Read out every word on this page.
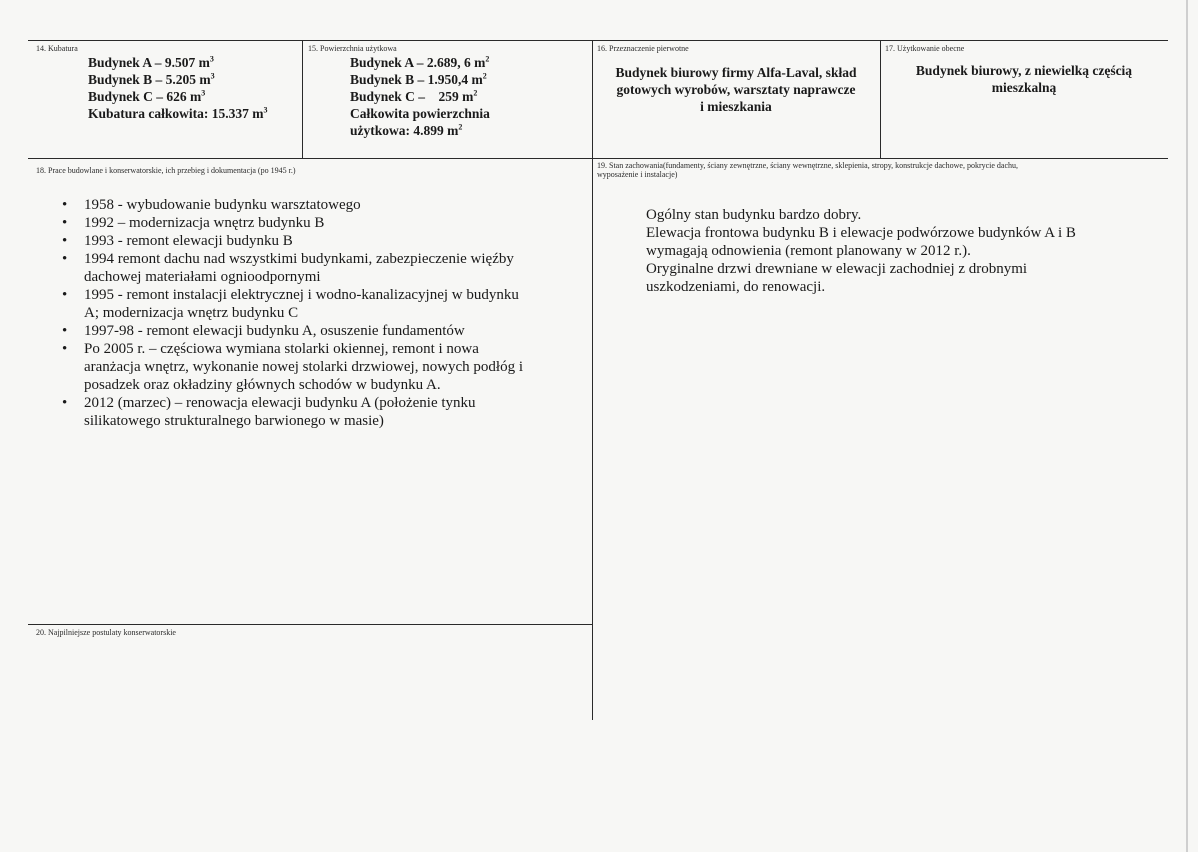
14. Kubatura
Budynek A – 9.507 $m^3$
Budynek B – 5.205 $m^3$
Budynek C – 626 $m^3$
Kubatura całkowita: 15.337 $m^3$
15. Powierzchnia użytkowa
Budynek A – 2.689, 6 $m^2$
Budynek B – 1.950,4 $m^2$
Budynek C –    259 $m^2$
Całkowita powierzchnia
użytkowa: 4.899 $m^2$
16. Przeznaczenie pierwotne
Budynek biurowy firmy Alfa-Laval, skład
gotowych wyrobów, warsztaty naprawcze
i mieszkania
17. Użytkowanie obecne
Budynek biurowy, z niewielką częścią
mieszkalną
18. Prace budowlane i konserwatorskie, ich przebieg i dokumentacja (po 1945 r.)
• 1958 - wybudowanie budynku warsztatowego
• 1992 – modernizacja wnętrz budynku B
• 1993 - remont elewacji budynku B
• 1994 remont dachu nad wszystkimi budynkami, zabezpieczenie więźby
dachowej materiałami ognioodpornymi
• 1995 - remont instalacji elektrycznej i wodno-kanalizacyjnej w budynku
A; modernizacja wnętrz budynku C
• 1997-98 - remont elewacji budynku A, osuszenie fundamentów
• Po 2005 r. – częściowa wymiana stolarki okiennej, remont i nowa
aranżacja wnętrz, wykonanie nowej stolarki drzwiowej, nowych podłóg i
posadzek oraz okładziny głównych schodów w budynku A.
• 2012 (marzec) – renowacja elewacji budynku A (położenie tynku
silikatowego strukturalnego barwionego w masie)
19. Stan zachowania(fundamenty, ściany zewnętrzne, ściany wewnętrzne, sklepienia, stropy, konstrukcje dachowe, pokrycie dachu,
wyposażenie i instalacje)
Ogólny stan budynku bardzo dobry.
Elewacja frontowa budynku B i elewacje podwórzowe budynków A i B
wymagają odnowienia (remont planowany w 2012 r.).
Oryginalne drzwi drewniane w elewacji zachodniej z drobnymi
uszkodzeniami, do renowacji.
20. Najpilniejsze postulaty konserwatorskie
